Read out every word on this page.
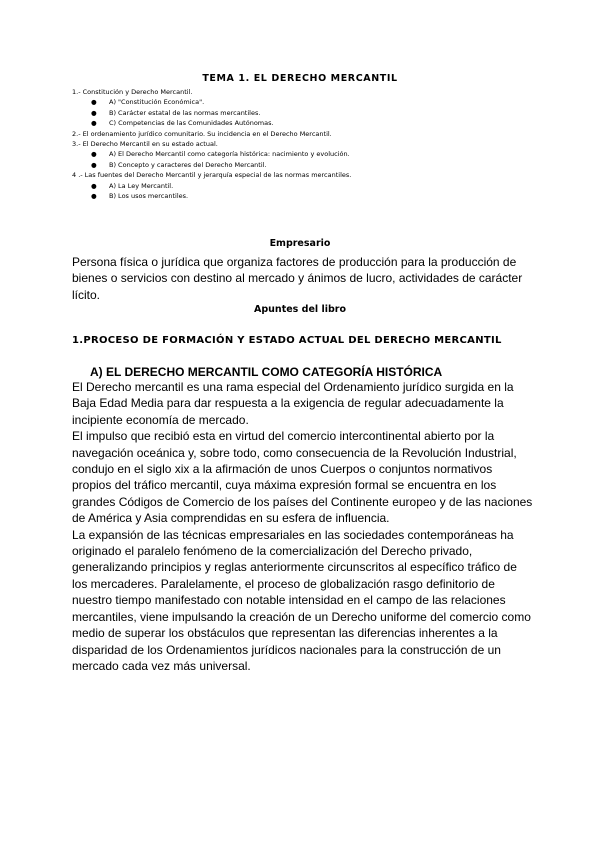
TEMA 1. EL DERECHO MERCANTIL
1.- Constitución y Derecho Mercantil.
● A) "Constitución Económica".
● B) Carácter estatal de las normas mercantiles.
● C) Competencias de las Comunidades Autónomas.
2.- El ordenamiento jurídico comunitario. Su incidencia en el Derecho Mercantil.
3.- El Derecho Mercantil en su estado actual.
● A) El Derecho Mercantil como categoría histórica: nacimiento y evolución.
● B) Concepto y caracteres del Derecho Mercantil.
4 .- Las fuentes del Derecho Mercantil y jerarquía especial de las normas mercantiles.
● A) La Ley Mercantil.
● B) Los usos mercantiles.
Empresario

Persona física o jurídica que organiza factores de producción para la producción de bienes o servicios con destino al mercado y ánimos de lucro, actividades de carácter lícito.

Apuntes del libro
1.PROCESO DE FORMACIÓN Y ESTADO ACTUAL DEL DERECHO MERCANTIL
A) EL DERECHO MERCANTIL COMO CATEGORÍA HISTÓRICA

El Derecho mercantil es una rama especial del Ordenamiento jurídico surgida en la Baja Edad Media para dar respuesta a la exigencia de regular adecuadamente la incipiente economía de mercado.

El impulso que recibió esta en virtud del comercio intercontinental abierto por la navegación oceánica y, sobre todo, como consecuencia de la Revolución Industrial, condujo en el siglo xix a la afirmación de unos Cuerpos o conjuntos normativos propios del tráfico mercantil, cuya máxima expresión formal se encuentra en los grandes Códigos de Comercio de los países del Continente europeo y de las naciones de América y Asia comprendidas en su esfera de influencia.

La expansión de las técnicas empresariales en las sociedades contemporáneas ha originado el paralelo fenómeno de la comercialización del Derecho privado, generalizando principios y reglas anteriormente circunscritos al específico tráfico de los mercaderes. Paralelamente, el proceso de globalización rasgo definitorio de nuestro tiempo manifestado con notable intensidad en el campo de las relaciones mercantiles, viene impulsando la creación de un Derecho uniforme del comercio como medio de superar los obstáculos que representan las diferencias inherentes a la disparidad de los Ordenamientos jurídicos nacionales para la construcción de un mercado cada vez más universal.
